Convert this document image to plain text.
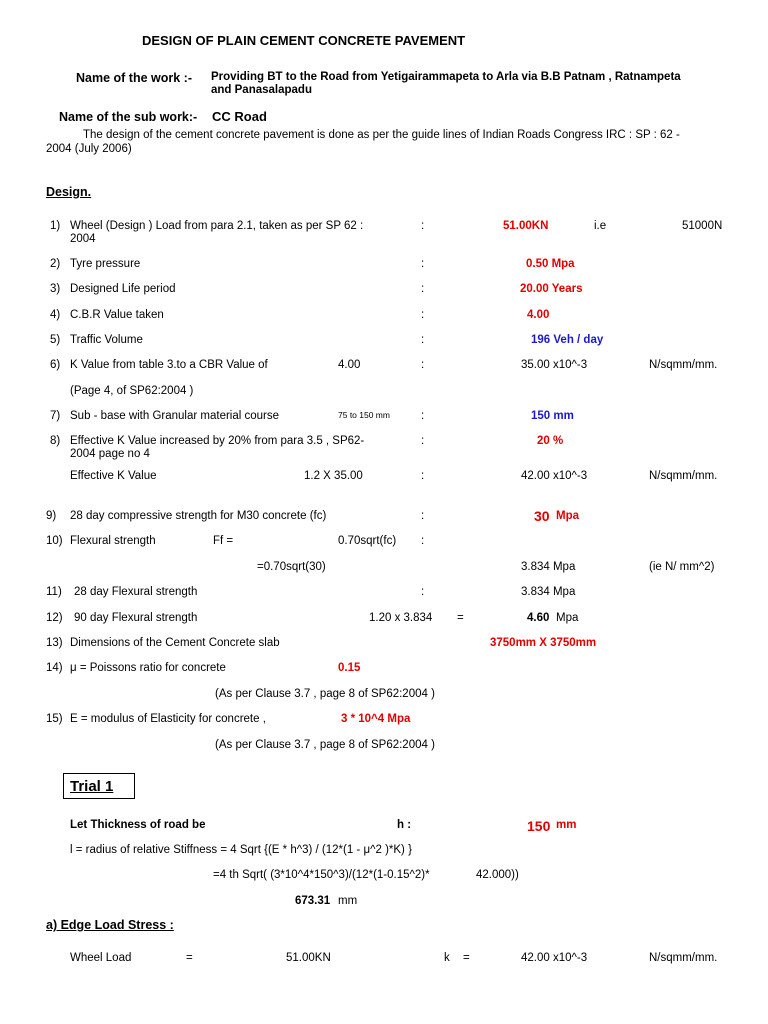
DESIGN OF PLAIN CEMENT CONCRETE PAVEMENT
Name of the work :- Providing BT to the Road from Yetigairammapeta to Arla via B.B Patnam , Ratnampeta
and Panasalapadu
Name of the sub work:- CC Road
The design of the cement concrete pavement is done as per the guide lines of Indian Roads Congress IRC : SP : 62 -
2004 (July 2006)
Design.
1) Wheel (Design ) Load from para 2.1, taken as per SP 62 :
2004
:	51.00KN	i.e	51000N
2) Tyre pressure	:	0.50 Mpa
3) Designed Life period	:	20.00 Years
4) C.B.R Value taken	:	4.00
5) Traffic Volume	:	196 Veh / day
6) K Value from table 3.to a CBR Value of	4.00	:	35.00 x10^-3	N/sqmm/mm.
(Page 4, of SP62:2004 )
7) Sub - base with Granular material course	75 to 150 mm	:	150 mm
8) Effective K Value increased by 20% from para 3.5 , SP62-
2004 page no 4
:	20 %
Effective K Value	1.2 X 35.00	:	42.00 x10^-3	N/sqmm/mm.
9) 28 day compressive strength for M30 concrete (fc)	:	30 Mpa
10) Flexural strength	Ff =	0.70sqrt(fc) :
=0.70sqrt(30)	3.834 Mpa	(ie N/ mm^2)
11) 28 day Flexural strength	:	3.834 Mpa
12) 90 day Flexural strength	1.20 x 3.834 =	4.60 Mpa
13) Dimensions of the Cement Concrete slab	3750mm X 3750mm
14) μ = Poissons ratio for concrete	0.15
(As per Clause 3.7 , page 8 of SP62:2004 )
15) E = modulus of Elasticity for concrete ,	3 * 10^4 Mpa
(As per Clause 3.7 , page 8 of SP62:2004 )
Trial 1
Let Thickness of road be	h :	150 mm
l = radius of relative Stiffness = 4 Sqrt {(E * h^3) / (12*(1 - μ^2 )*K) }
=4 th Sqrt( (3*10^4*150^3)/(12*(1-0.15^2)*	42.000))
673.31 mm
a) Edge Load Stress :
Wheel Load	=	51.00KN	k =	42.00 x10^-3	N/sqmm/mm.
